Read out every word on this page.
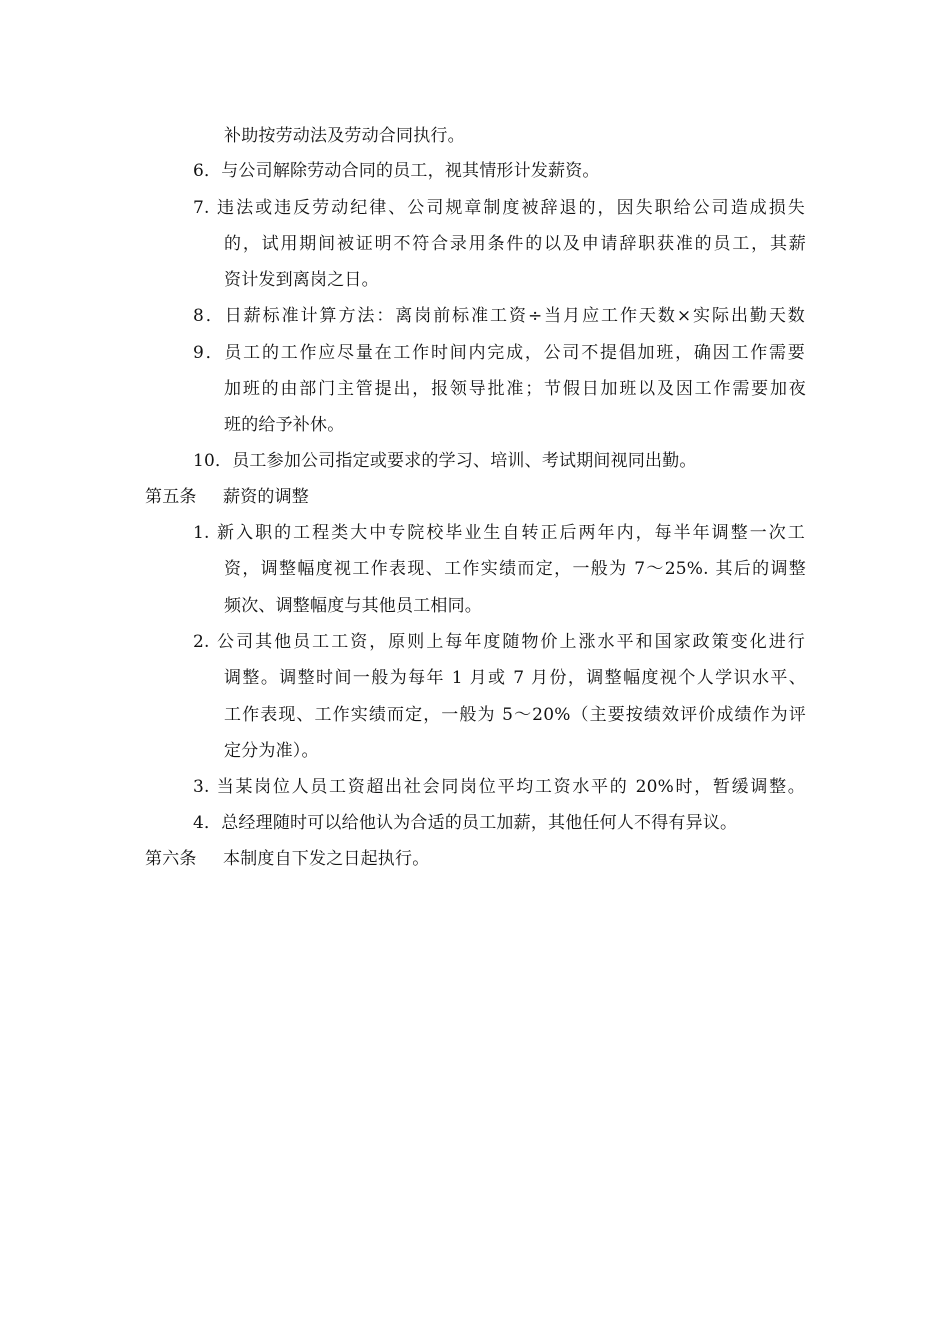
补助按劳动法及劳动合同执行。
6．与公司解除劳动合同的员工，视其情形计发薪资。
7. 违法或违反劳动纪律、公司规章制度被辞退的，因失职给公司造成损失
的，试用期间被证明不符合录用条件的以及申请辞职获准的员工，其薪
资计发到离岗之日。
8．日薪标准计算方法：离岗前标准工资÷当月应工作天数×实际出勤天数
9．员工的工作应尽量在工作时间内完成，公司不提倡加班，确因工作需要
加班的由部门主管提出，报领导批准；节假日加班以及因工作需要加夜
班的给予补休。
10．员工参加公司指定或要求的学习、培训、考试期间视同出勤。
第五条 薪资的调整
1. 新入职的工程类大中专院校毕业生自转正后两年内，每半年调整一次工
资，调整幅度视工作表现、工作实绩而定，一般为 7～25%. 其后的调整
频次、调整幅度与其他员工相同。
2. 公司其他员工工资，原则上每年度随物价上涨水平和国家政策变化进行
调整。调整时间一般为每年 1 月或 7 月份，调整幅度视个人学识水平、
工作表现、工作实绩而定，一般为 5～20%（主要按绩效评价成绩作为评
定分为准）。
3. 当某岗位人员工资超出社会同岗位平均工资水平的 20%时，暂缓调整。
4．总经理随时可以给他认为合适的员工加薪，其他任何人不得有异议。
第六条 本制度自下发之日起执行。
